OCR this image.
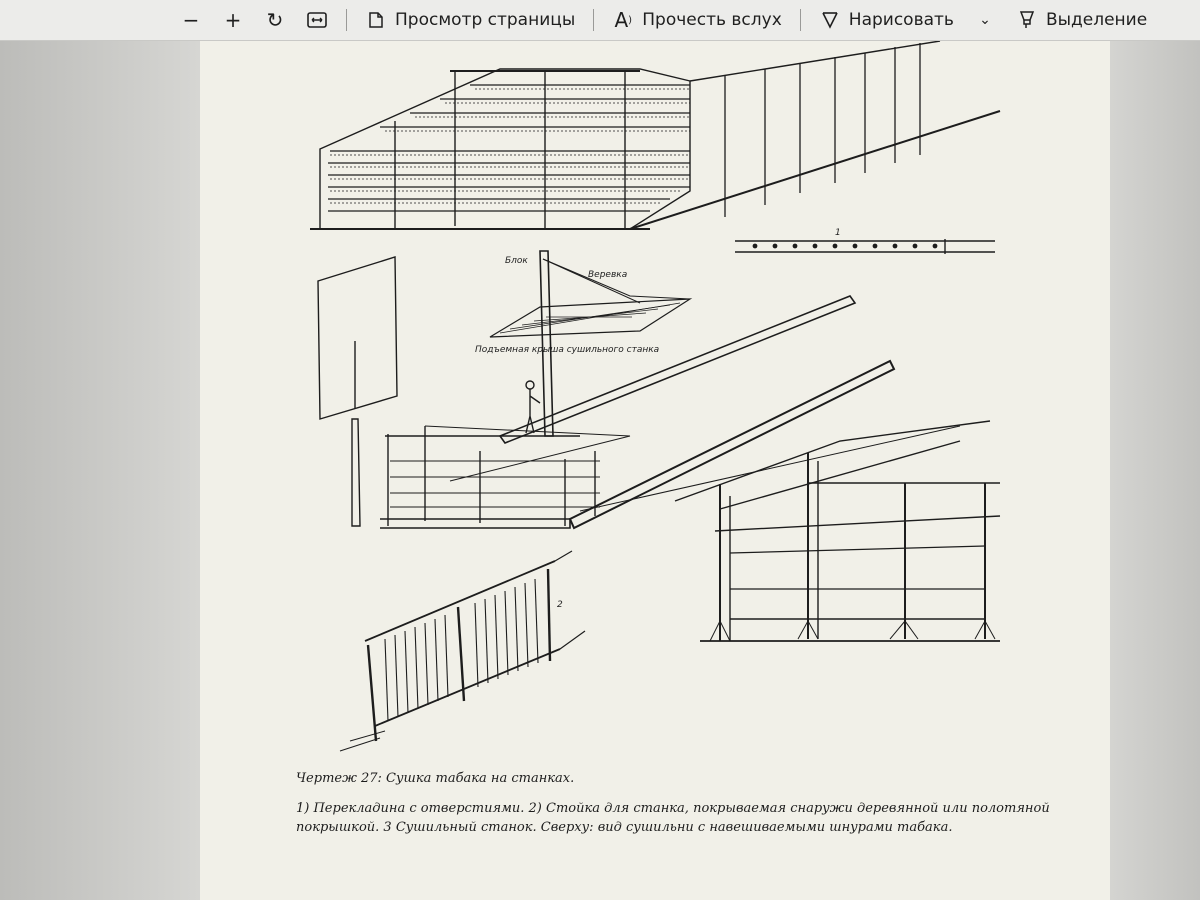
− + ↻	Просмотр страницы A ) Прочесть вслух	Нарисовать	⌄	Выделение
Блок
Веревка
Подъемная крыша сушильного станка
1
2
Чертеж 27: Сушка табака на станках.
1) Перекладина с отверстиями. 2) Стойка для станка, покрываемая снаружи деревянной или полотяной покрышкой. 3 Сушильный станок. Сверху: вид сушильни с навешиваемыми шнурами табака.
